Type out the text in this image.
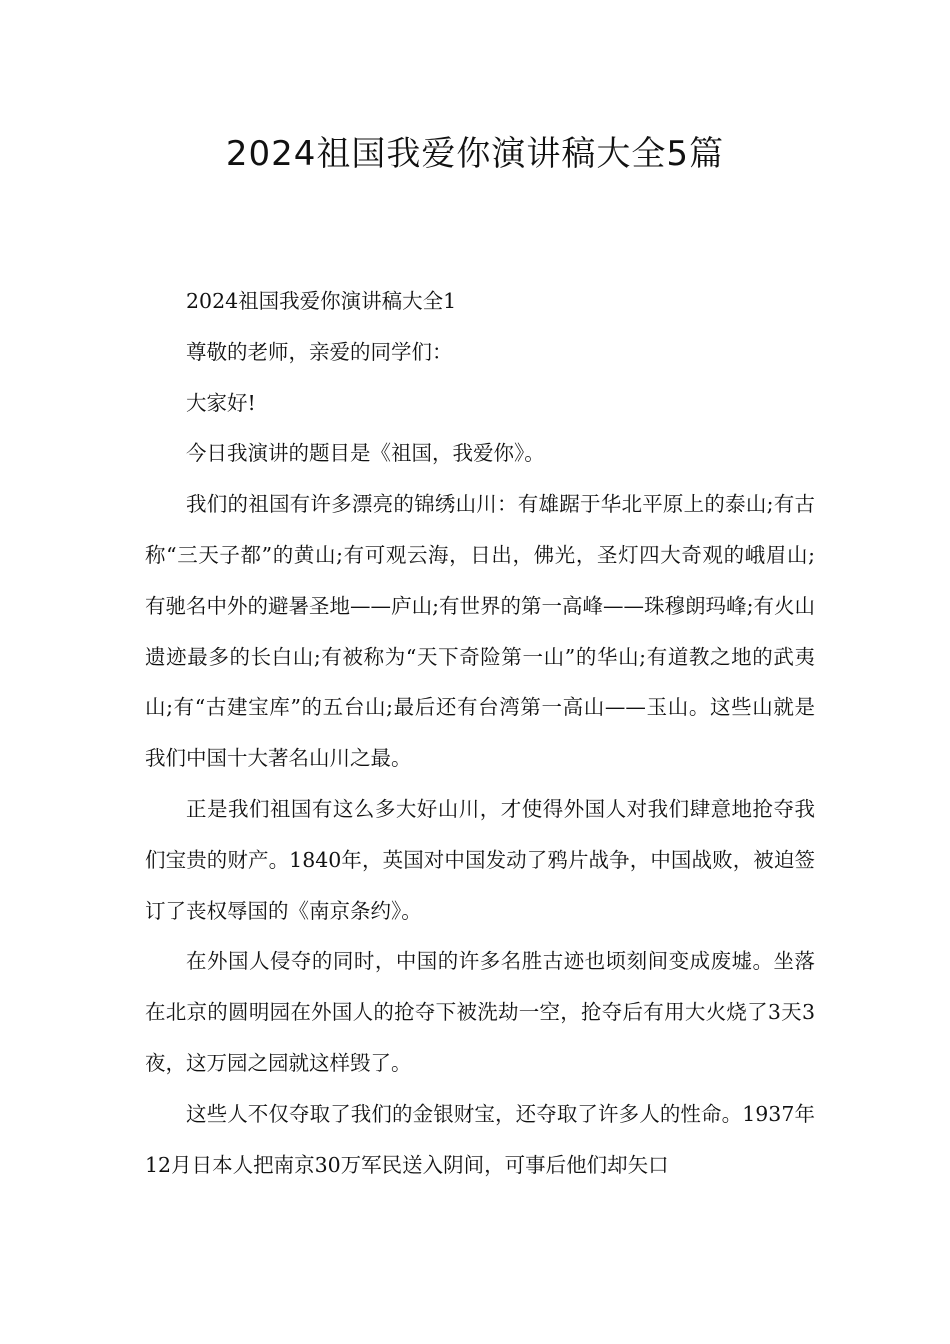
2024祖国我爱你演讲稿大全5篇

2024祖国我爱你演讲稿大全1

尊敬的老师，亲爱的同学们：

大家好!

今日我演讲的题目是《祖国，我爱你》。

我们的祖国有许多漂亮的锦绣山川：有雄踞于华北平原上的泰山;有古称“三天子都”的黄山;有可观云海，日出，佛光，圣灯四大奇观的峨眉山;有驰名中外的避暑圣地——庐山;有世界的第一高峰——珠穆朗玛峰;有火山遗迹最多的长白山;有被称为“天下奇险第一山”的华山;有道教之地的武夷山;有“古建宝库”的五台山;最后还有台湾第一高山——玉山。这些山就是我们中国十大著名山川之最。

正是我们祖国有这么多大好山川，才使得外国人对我们肆意地抢夺我们宝贵的财产。1840年，英国对中国发动了鸦片战争，中国战败，被迫签订了丧权辱国的《南京条约》。

在外国人侵夺的同时，中国的许多名胜古迹也顷刻间变成废墟。坐落在北京的圆明园在外国人的抢夺下被洗劫一空，抢夺后有用大火烧了3天3夜，这万园之园就这样毁了。

这些人不仅夺取了我们的金银财宝，还夺取了许多人的性命。1937年12月日本人把南京30万军民送入阴间，可事后他们却矢口
